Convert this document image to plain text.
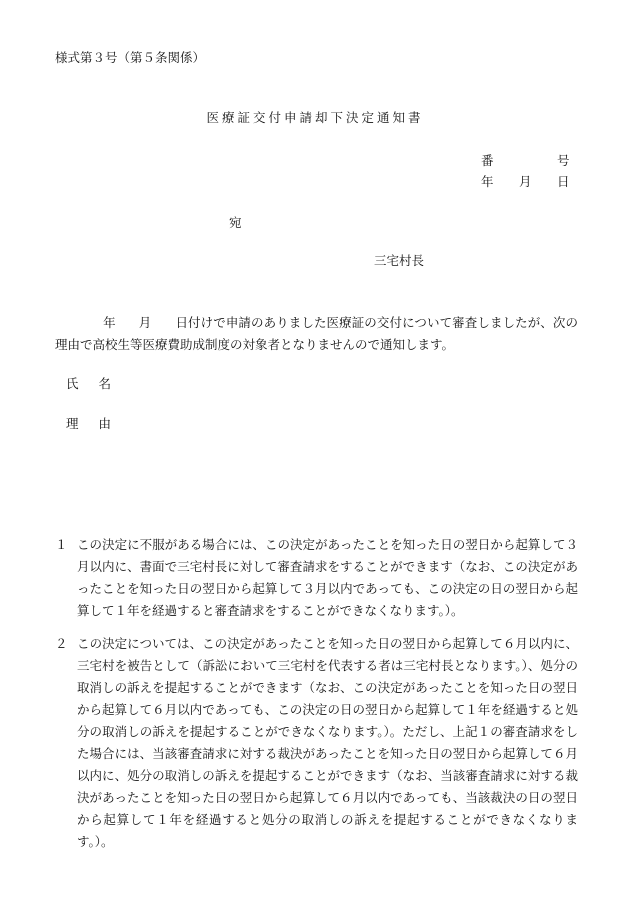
様式第３号（第５条関係）
医療証交付申請却下決定通知書
番	号
年 月 日
宛
三宅村長
年 月 日付けで申請のありました医療証の交付について審査しましたが、次の理由で高校生等医療費助成制度の対象者となりませんので通知します。
氏名
理由
１ この決定に不服がある場合には、この決定があったことを知った日の翌日から起算して３月以内に、書面で三宅村長に対して審査請求をすることができます（なお、この決定があったことを知った日の翌日から起算して３月以内であっても、この決定の日の翌日から起算して１年を経過すると審査請求をすることができなくなります。）。
２ この決定については、この決定があったことを知った日の翌日から起算して６月以内に、三宅村を被告として（訴訟において三宅村を代表する者は三宅村長となります。）、処分の取消しの訴えを提起することができます（なお、この決定があったことを知った日の翌日から起算して６月以内であっても、この決定の日の翌日から起算して１年を経過すると処分の取消しの訴えを提起することができなくなります。）。ただし、上記１の審査請求をした場合には、当該審査請求に対する裁決があったことを知った日の翌日から起算して６月以内に、処分の取消しの訴えを提起することができます（なお、当該審査請求に対する裁決があったことを知った日の翌日から起算して６月以内であっても、当該裁決の日の翌日から起算して１年を経過すると処分の取消しの訴えを提起することができなくなります。）。
